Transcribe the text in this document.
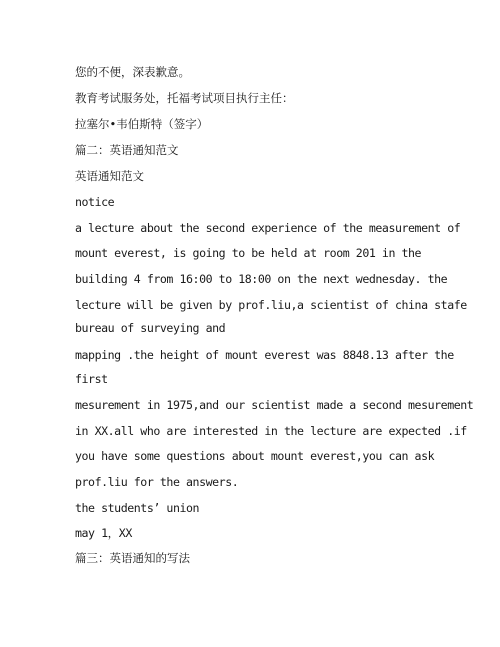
您的不便，深表歉意。
教育考试服务处，托福考试项目执行主任：
拉塞尔•韦伯斯特（签字）
篇二：英语通知范文
英语通知范文
notice
a lecture about the second experience of the measurement of
mount everest, is going to be held at room 201 in the
building 4 from 16:00 to 18:00 on the next wednesday. the
lecture will be given by prof.liu,a scientist of china stafe
bureau of surveying and
mapping .the height of mount everest was 8848.13 after the
first
mesurement in 1975,and our scientist made a second mesurement
in XX.all who are interested in the lecture are expected .if
you have some questions about mount everest,you can ask
prof.liu for the answers.
the students’ union
may 1，XX
篇三：英语通知的写法
